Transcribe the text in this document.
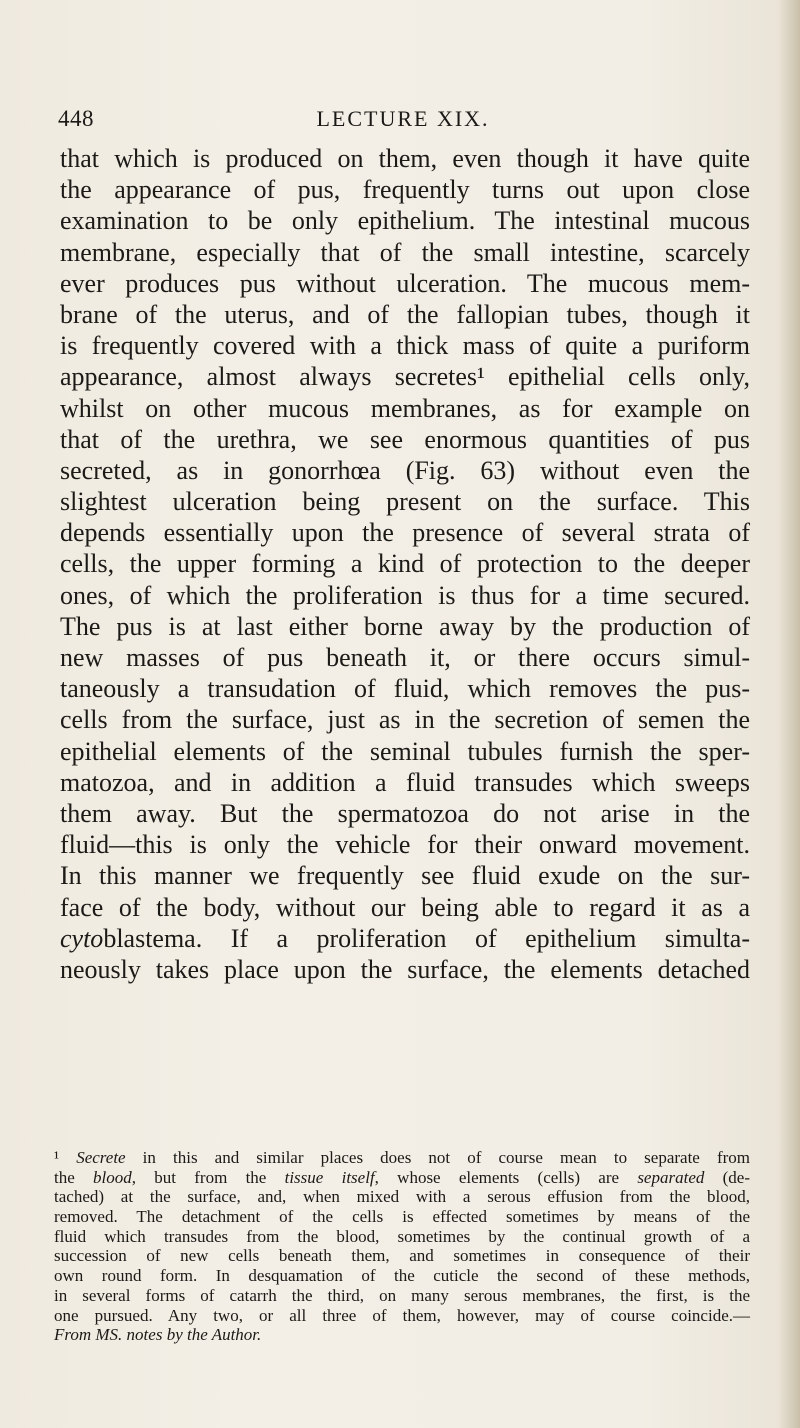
448	LECTURE XIX.
that which is produced on them, even though it have quite
the appearance of pus, frequently turns out upon close
examination to be only epithelium. The intestinal mucous
membrane, especially that of the small intestine, scarcely
ever produces pus without ulceration. The mucous mem-
brane of the uterus, and of the fallopian tubes, though it
is frequently covered with a thick mass of quite a puriform
appearance, almost always secretes¹ epithelial cells only,
whilst on other mucous membranes, as for example on
that of the urethra, we see enormous quantities of pus
secreted, as in gonorrhœa (Fig. 63) without even the
slightest ulceration being present on the surface. This
depends essentially upon the presence of several strata of
cells, the upper forming a kind of protection to the deeper
ones, of which the proliferation is thus for a time secured.
The pus is at last either borne away by the production of
new masses of pus beneath it, or there occurs simul-
taneously a transudation of fluid, which removes the pus-
cells from the surface, just as in the secretion of semen the
epithelial elements of the seminal tubules furnish the sper-
matozoa, and in addition a fluid transudes which sweeps
them away. But the spermatozoa do not arise in the
fluid—this is only the vehicle for their onward movement.
In this manner we frequently see fluid exude on the sur-
face of the body, without our being able to regard it as a
cytoblastema. If a proliferation of epithelium simulta-
neously takes place upon the surface, the elements detached
¹ Secrete in this and similar places does not of course mean to separate from
the blood, but from the tissue itself, whose elements (cells) are separated (de-
tached) at the surface, and, when mixed with a serous effusion from the blood,
removed. The detachment of the cells is effected sometimes by means of the
fluid which transudes from the blood, sometimes by the continual growth of a
succession of new cells beneath them, and sometimes in consequence of their
own round form. In desquamation of the cuticle the second of these methods,
in several forms of catarrh the third, on many serous membranes, the first, is the
one pursued. Any two, or all three of them, however, may of course coincide.—
From MS. notes by the Author.
